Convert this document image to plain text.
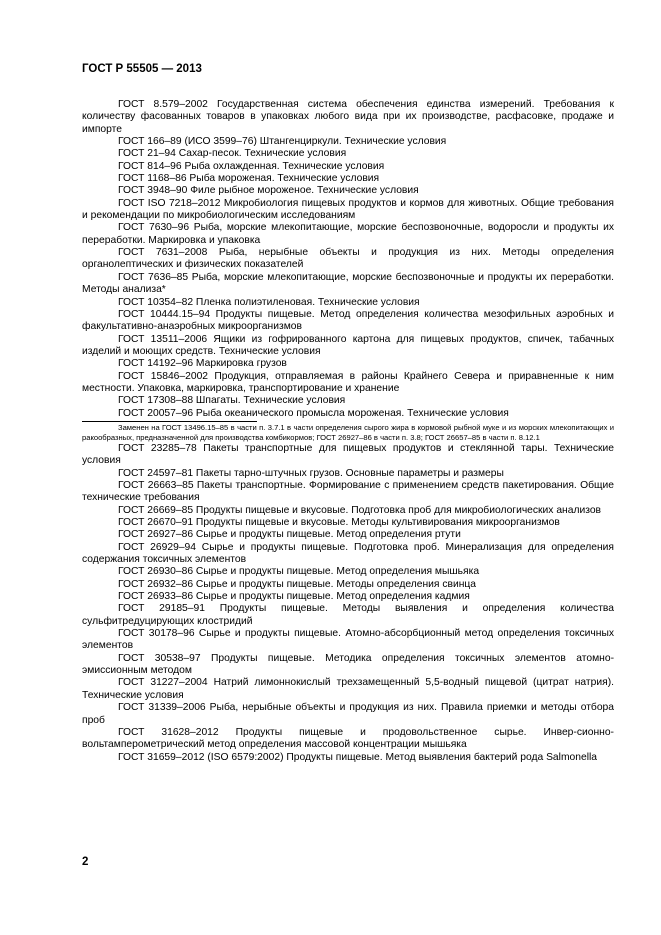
ГОСТ Р 55505 — 2013

ГОСТ 8.579–2002 Государственная система обеспечения единства измерений. Требования к количеству фасованных товаров в упаковках любого вида при их производстве, расфасовке, продаже и импорте

ГОСТ 166–89 (ИСО 3599–76) Штангенциркули. Технические условия

ГОСТ 21–94 Сахар-песок. Технические условия

ГОСТ 814–96 Рыба охлажденная. Технические условия

ГОСТ 1168–86 Рыба мороженая. Технические условия

ГОСТ 3948–90 Филе рыбное мороженое. Технические условия

ГОСТ ISO 7218–2012 Микробиология пищевых продуктов и кормов для животных. Общие требования и рекомендации по микробиологическим исследованиям

ГОСТ 7630–96 Рыба, морские млекопитающие, морские беспозвоночные, водоросли и продукты их переработки. Маркировка и упаковка

ГОСТ 7631–2008 Рыба, нерыбные объекты и продукция из них. Методы определения органолептических и физических показателей

ГОСТ 7636–85 Рыба, морские млекопитающие, морские беспозвоночные и продукты их переработки. Методы анализа*

ГОСТ 10354–82 Пленка полиэтиленовая. Технические условия

ГОСТ 10444.15–94 Продукты пищевые. Метод определения количества мезофильных аэробных и факультативно-анаэробных микроорганизмов

ГОСТ 13511–2006 Ящики из гофрированного картона для пищевых продуктов, спичек, табачных изделий и моющих средств. Технические условия

ГОСТ 14192–96 Маркировка грузов

ГОСТ 15846–2002 Продукция, отправляемая в районы Крайнего Севера и приравненные к ним местности. Упаковка, маркировка, транспортирование и хранение

ГОСТ 17308–88 Шпагаты. Технические условия

ГОСТ 20057–96 Рыба океанического промысла мороженая. Технические условия

Заменен на ГОСТ 13496.15–85 в части п. 3.7.1 в части определения сырого жира в кормовой рыбной муке и из морских млекопитающих и ракообразных, предназначенной для производства комбикормов; ГОСТ 26927–86 в части п. 3.8; ГОСТ 26657–85 в части п. 8.12.1

ГОСТ 23285–78 Пакеты транспортные для пищевых продуктов и стеклянной тары. Технические условия

ГОСТ 24597–81 Пакеты тарно-штучных грузов. Основные параметры и размеры

ГОСТ 26663–85 Пакеты транспортные. Формирование с применением средств пакетирования. Общие технические требования

ГОСТ 26669–85 Продукты пищевые и вкусовые. Подготовка проб для микробиологических анализов

ГОСТ 26670–91 Продукты пищевые и вкусовые. Методы культивирования микроорганизмов

ГОСТ 26927–86 Сырье и продукты пищевые. Метод определения ртути

ГОСТ 26929–94 Сырье и продукты пищевые. Подготовка проб. Минерализация для определения содержания токсичных элементов

ГОСТ 26930–86 Сырье и продукты пищевые. Метод определения мышьяка

ГОСТ 26932–86 Сырье и продукты пищевые. Методы определения свинца

ГОСТ 26933–86 Сырье и продукты пищевые. Метод определения кадмия

ГОСТ 29185–91 Продукты пищевые. Методы выявления и определения количества сульфитредуцирующих клостридий

ГОСТ 30178–96 Сырье и продукты пищевые. Атомно-абсорбционный метод определения токсичных элементов

ГОСТ 30538–97 Продукты пищевые. Методика определения токсичных элементов атомно-эмиссионным методом

ГОСТ 31227–2004 Натрий лимоннокислый трехзамещенный 5,5-водный пищевой (цитрат натрия). Технические условия

ГОСТ 31339–2006 Рыба, нерыбные объекты и продукция из них. Правила приемки и методы отбора проб

ГОСТ 31628–2012 Продукты пищевые и продовольственное сырье. Инвер-сионно-вольтамперометрический метод определения массовой концентрации мышьяка

ГОСТ 31659–2012 (ISO 6579:2002) Продукты пищевые. Метод выявления бактерий рода Salmonella

2
